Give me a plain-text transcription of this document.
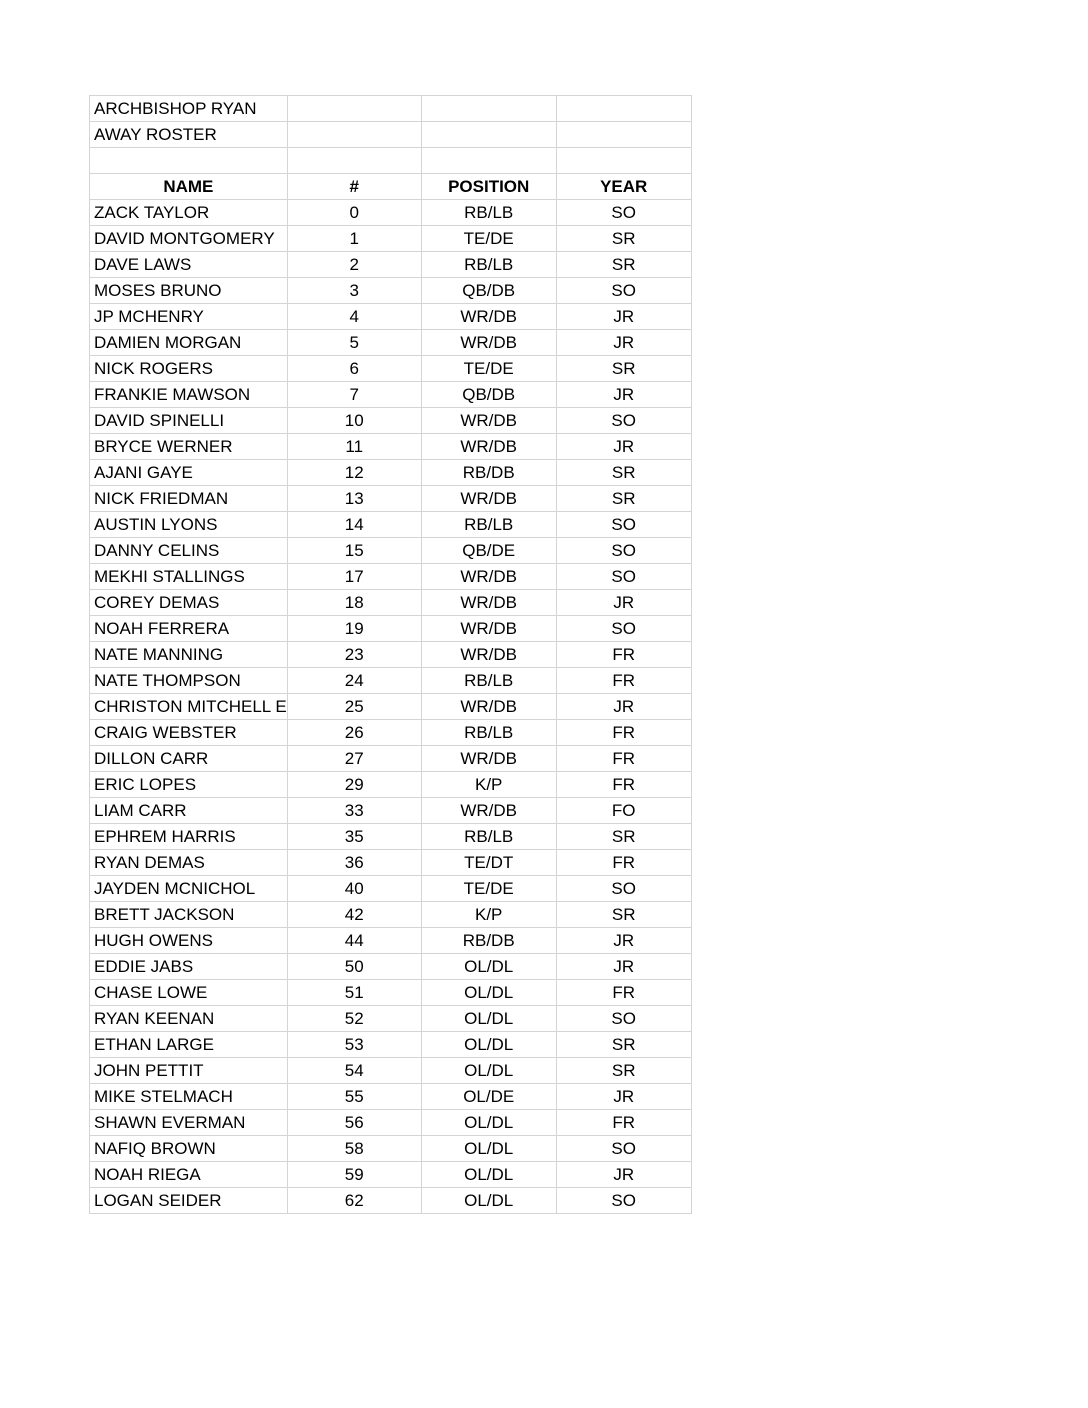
ARCHBISHOP RYAN			
AWAY ROSTER			

NAME	#	POSITION	YEAR
ZACK TAYLOR	0	RB/LB	SO
DAVID MONTGOMERY	1	TE/DE	SR
DAVE LAWS	2	RB/LB	SR
MOSES BRUNO	3	QB/DB	SO
JP MCHENRY	4	WR/DB	JR
DAMIEN MORGAN	5	WR/DB	JR
NICK ROGERS	6	TE/DE	SR
FRANKIE MAWSON	7	QB/DB	JR
DAVID SPINELLI	10	WR/DB	SO
BRYCE WERNER	11	WR/DB	JR
AJANI GAYE	12	RB/DB	SR
NICK FRIEDMAN	13	WR/DB	SR
AUSTIN LYONS	14	RB/LB	SO
DANNY CELINS	15	QB/DE	SO
MEKHI STALLINGS	17	WR/DB	SO
COREY DEMAS	18	WR/DB	JR
NOAH FERRERA	19	WR/DB	SO
NATE MANNING	23	WR/DB	FR
NATE THOMPSON	24	RB/LB	FR
CHRISTON MITCHELL E	25	WR/DB	JR
CRAIG WEBSTER	26	RB/LB	FR
DILLON CARR	27	WR/DB	FR
ERIC LOPES	29	K/P	FR
LIAM CARR	33	WR/DB	FO
EPHREM HARRIS	35	RB/LB	SR
RYAN DEMAS	36	TE/DT	FR
JAYDEN MCNICHOL	40	TE/DE	SO
BRETT JACKSON	42	K/P	SR
HUGH OWENS	44	RB/DB	JR
EDDIE JABS	50	OL/DL	JR
CHASE LOWE	51	OL/DL	FR
RYAN KEENAN	52	OL/DL	SO
ETHAN LARGE	53	OL/DL	SR
JOHN PETTIT	54	OL/DL	SR
MIKE STELMACH	55	OL/DE	JR
SHAWN EVERMAN	56	OL/DL	FR
NAFIQ BROWN	58	OL/DL	SO
NOAH RIEGA	59	OL/DL	JR
LOGAN SEIDER	62	OL/DL	SO
